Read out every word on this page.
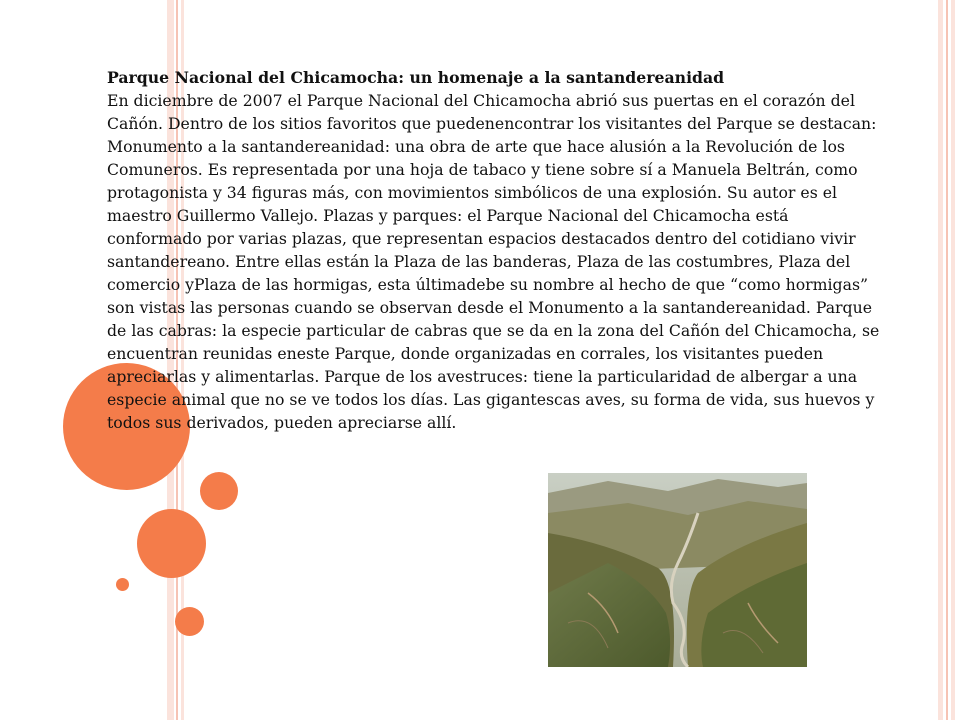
Parque Nacional del Chicamocha: un homenaje a la santandereanidad

En diciembre de 2007 el Parque Nacional del Chicamocha abrió sus puertas en el corazón del Cañón. Dentro de los sitios favoritos que puedenencontrar los visitantes del Parque se destacan:

Monumento a la santandereanidad: una obra de arte que hace alusión a la Revolución de los Comuneros. Es representada por una hoja de tabaco y tiene sobre sí a Manuela Beltrán, como protagonista y 34 figuras más, con movimientos simbólicos de una explosión. Su autor es el maestro Guillermo Vallejo. Plazas y parques: el Parque Nacional del Chicamocha está conformado por varias plazas, que representan espacios destacados dentro del cotidiano vivir santandereano. Entre ellas están la Plaza de las banderas, Plaza de las costumbres, Plaza del comercio yPlaza de las hormigas, esta últimadebe su nombre al hecho de que “como hormigas” son vistas las personas cuando se observan desde el Monumento a la santandereanidad. Parque de las cabras: la especie particular de cabras que se da en la zona del Cañón del Chicamocha, se encuentran reunidas eneste Parque, donde organizadas en corrales, los visitantes pueden apreciarlas y alimentarlas. Parque de los avestruces: tiene la particularidad de albergar a una especie animal que no se ve todos los días. Las gigantescas aves, su forma de vida, sus huevos y todos sus derivados, pueden apreciarse allí.
